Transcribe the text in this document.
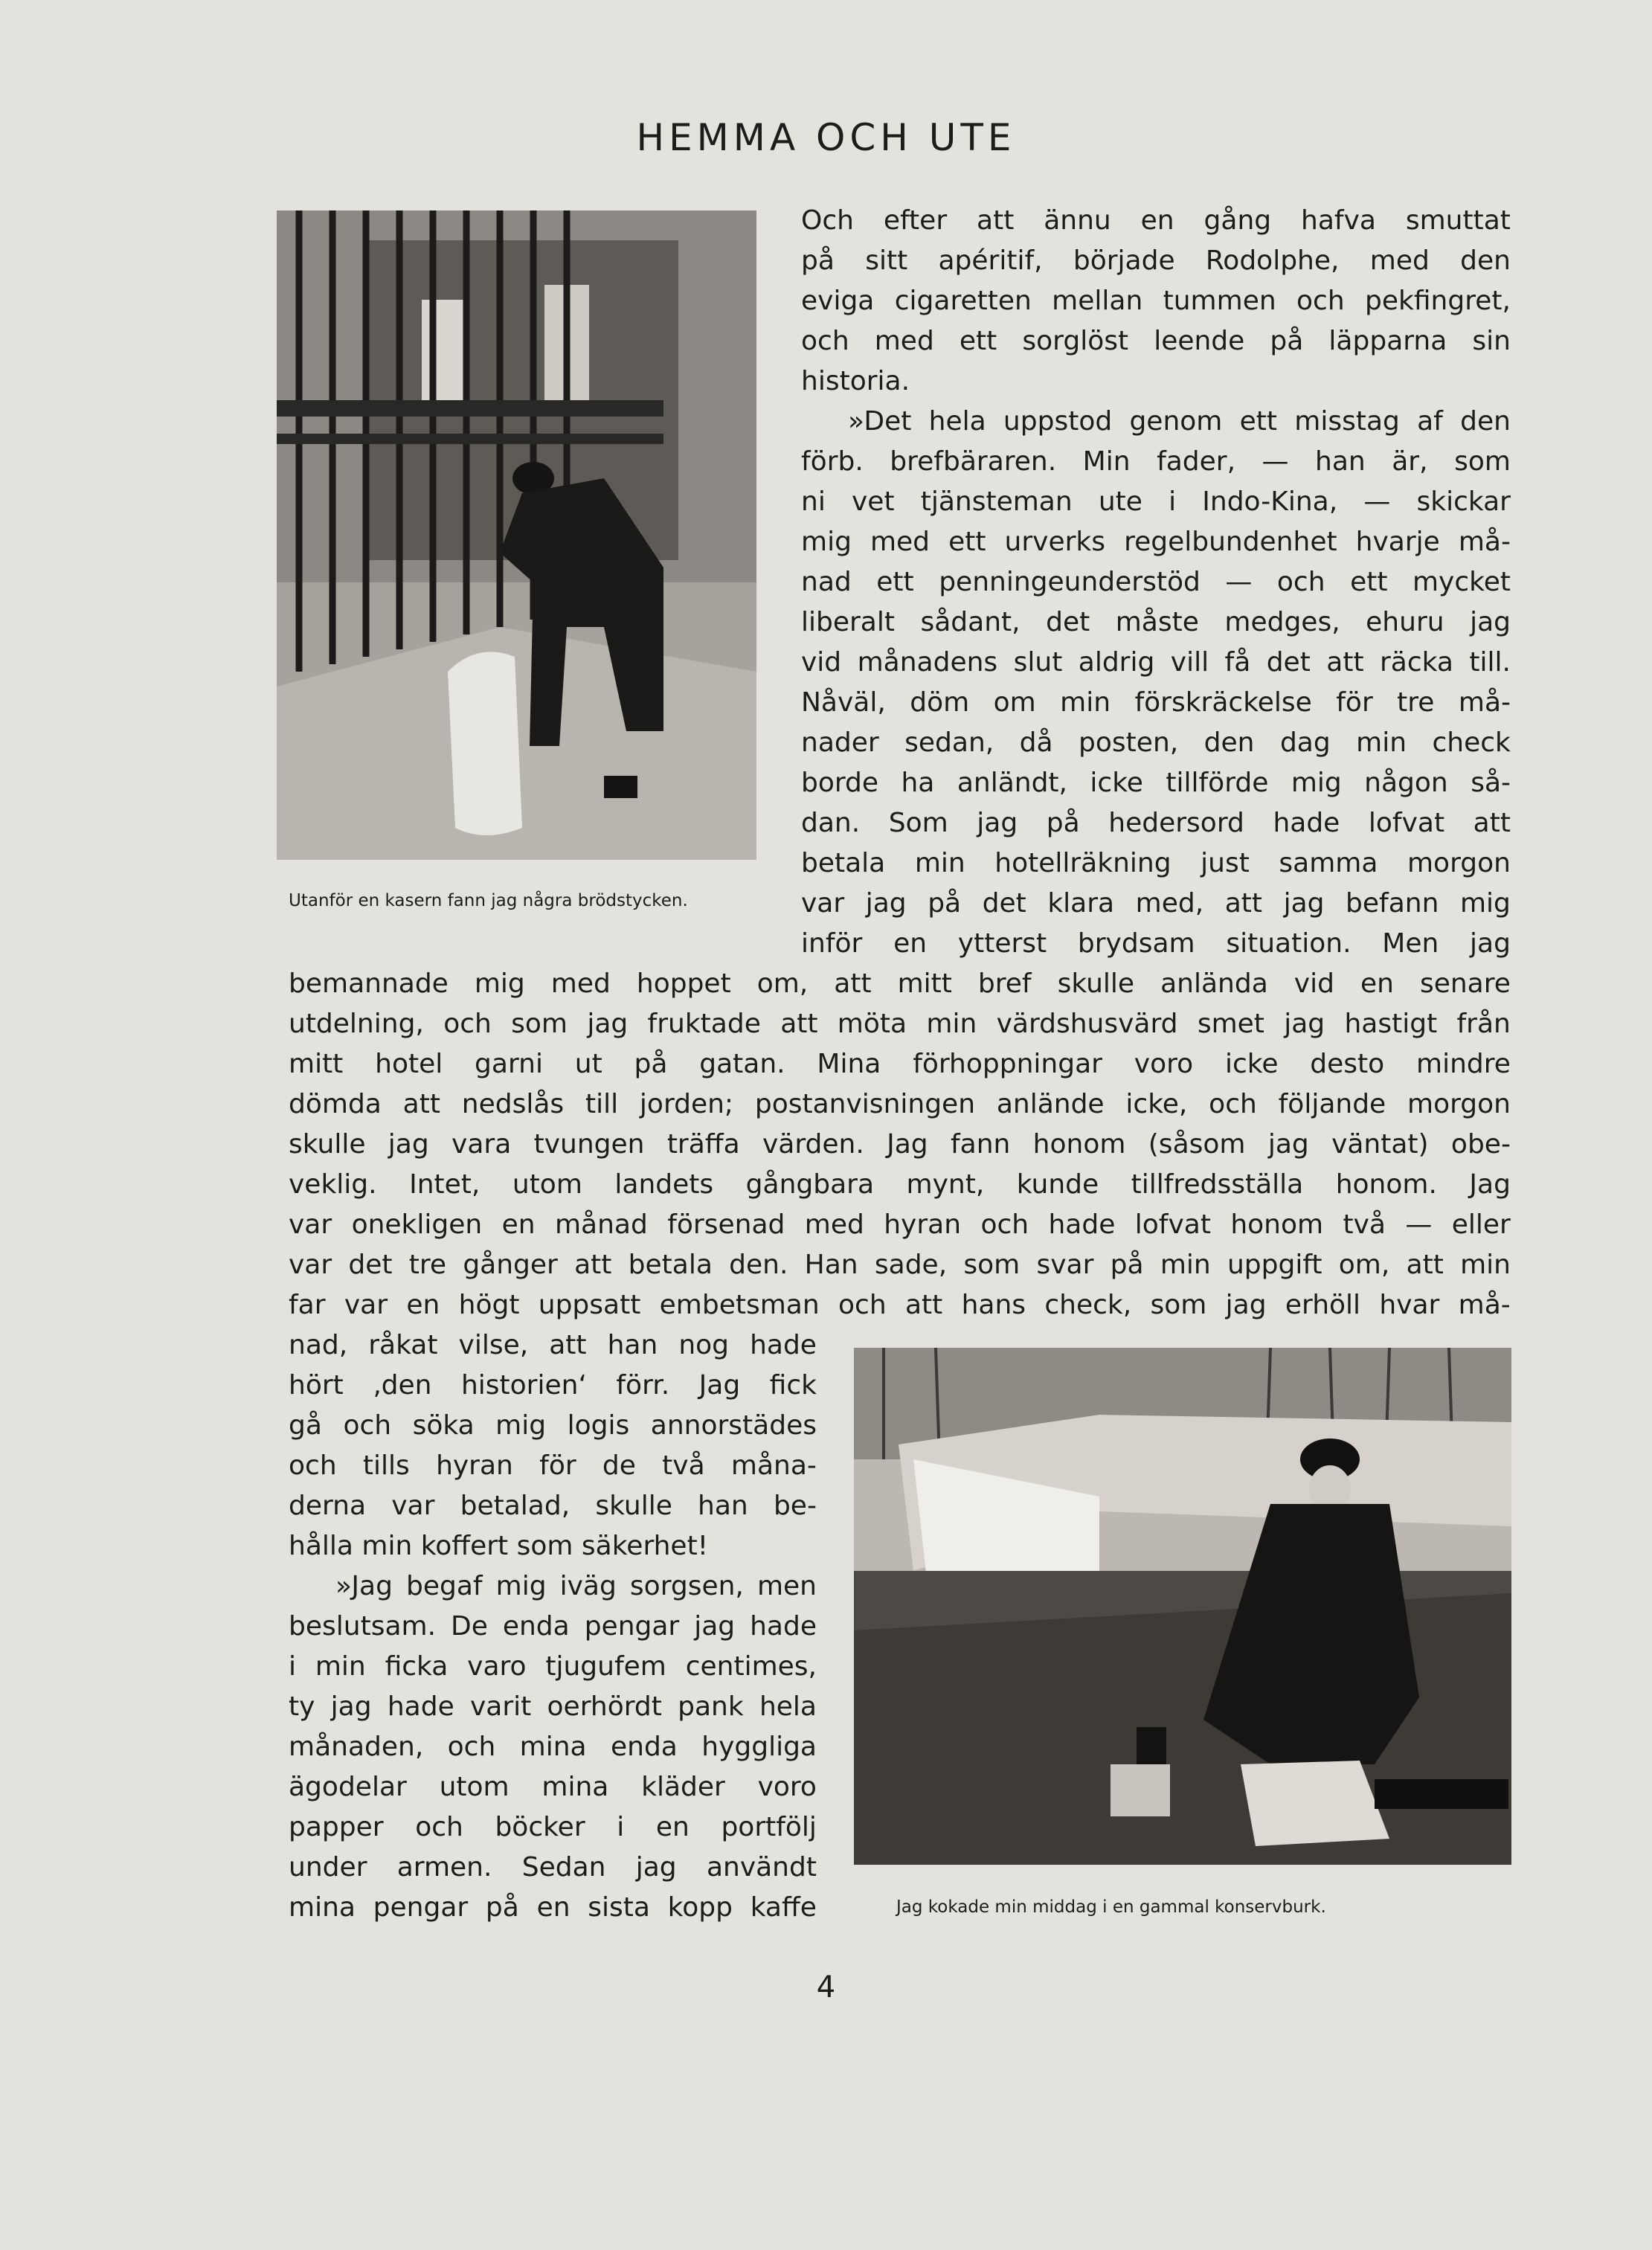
HEMMA OCH UTE
Utanför en kasern fann jag några brödstycken.
Jag kokade min middag i en gammal konservburk.
Och efter att ännu en gång hafva smuttat
på sitt apéritif, började Rodolphe, med den
eviga cigaretten mellan tummen och pekfingret,
och med ett sorglöst leende på läpparna sin
historia.
»Det hela uppstod genom ett misstag af den
förb. brefbäraren. Min fader, — han är, som
ni vet tjänsteman ute i Indo-Kina, — skickar
mig med ett urverks regelbundenhet hvarje må-
nad ett penningeunderstöd — och ett mycket
liberalt sådant, det måste medges, ehuru jag
vid månadens slut aldrig vill få det att räcka till.
Nåväl, döm om min förskräckelse för tre må-
nader sedan, då posten, den dag min check
borde ha anländt, icke tillförde mig någon så-
dan. Som jag på hedersord hade lofvat att
betala min hotellräkning just samma morgon
var jag på det klara med, att jag befann mig
inför en ytterst brydsam situation. Men jag
bemannade mig med hoppet om, att mitt bref skulle anlända vid en senare
utdelning, och som jag fruktade att möta min värdshusvärd smet jag hastigt från
mitt hotel garni ut på gatan. Mina förhoppningar voro icke desto mindre
dömda att nedslås till jorden; postanvisningen anlände icke, och följande morgon
skulle jag vara tvungen träffa värden. Jag fann honom (såsom jag väntat) obe-
veklig. Intet, utom landets gångbara mynt, kunde tillfredsställa honom. Jag
var onekligen en månad försenad med hyran och hade lofvat honom två — eller
var det tre gånger att betala den. Han sade, som svar på min uppgift om, att min
far var en högt uppsatt embetsman och att hans check, som jag erhöll hvar må-
nad, råkat vilse, att han nog hade
hört ‚den historien‘ förr. Jag fick
gå och söka mig logis annorstädes
och tills hyran för de två måna-
derna var betalad, skulle han be-
hålla min koffert som säkerhet!
»Jag begaf mig iväg sorgsen, men
beslutsam. De enda pengar jag hade
i min ficka varo tjugufem centimes,
ty jag hade varit oerhördt pank hela
månaden, och mina enda hyggliga
ägodelar utom mina kläder voro
papper och böcker i en portfölj
under armen. Sedan jag användt
mina pengar på en sista kopp kaffe
4
